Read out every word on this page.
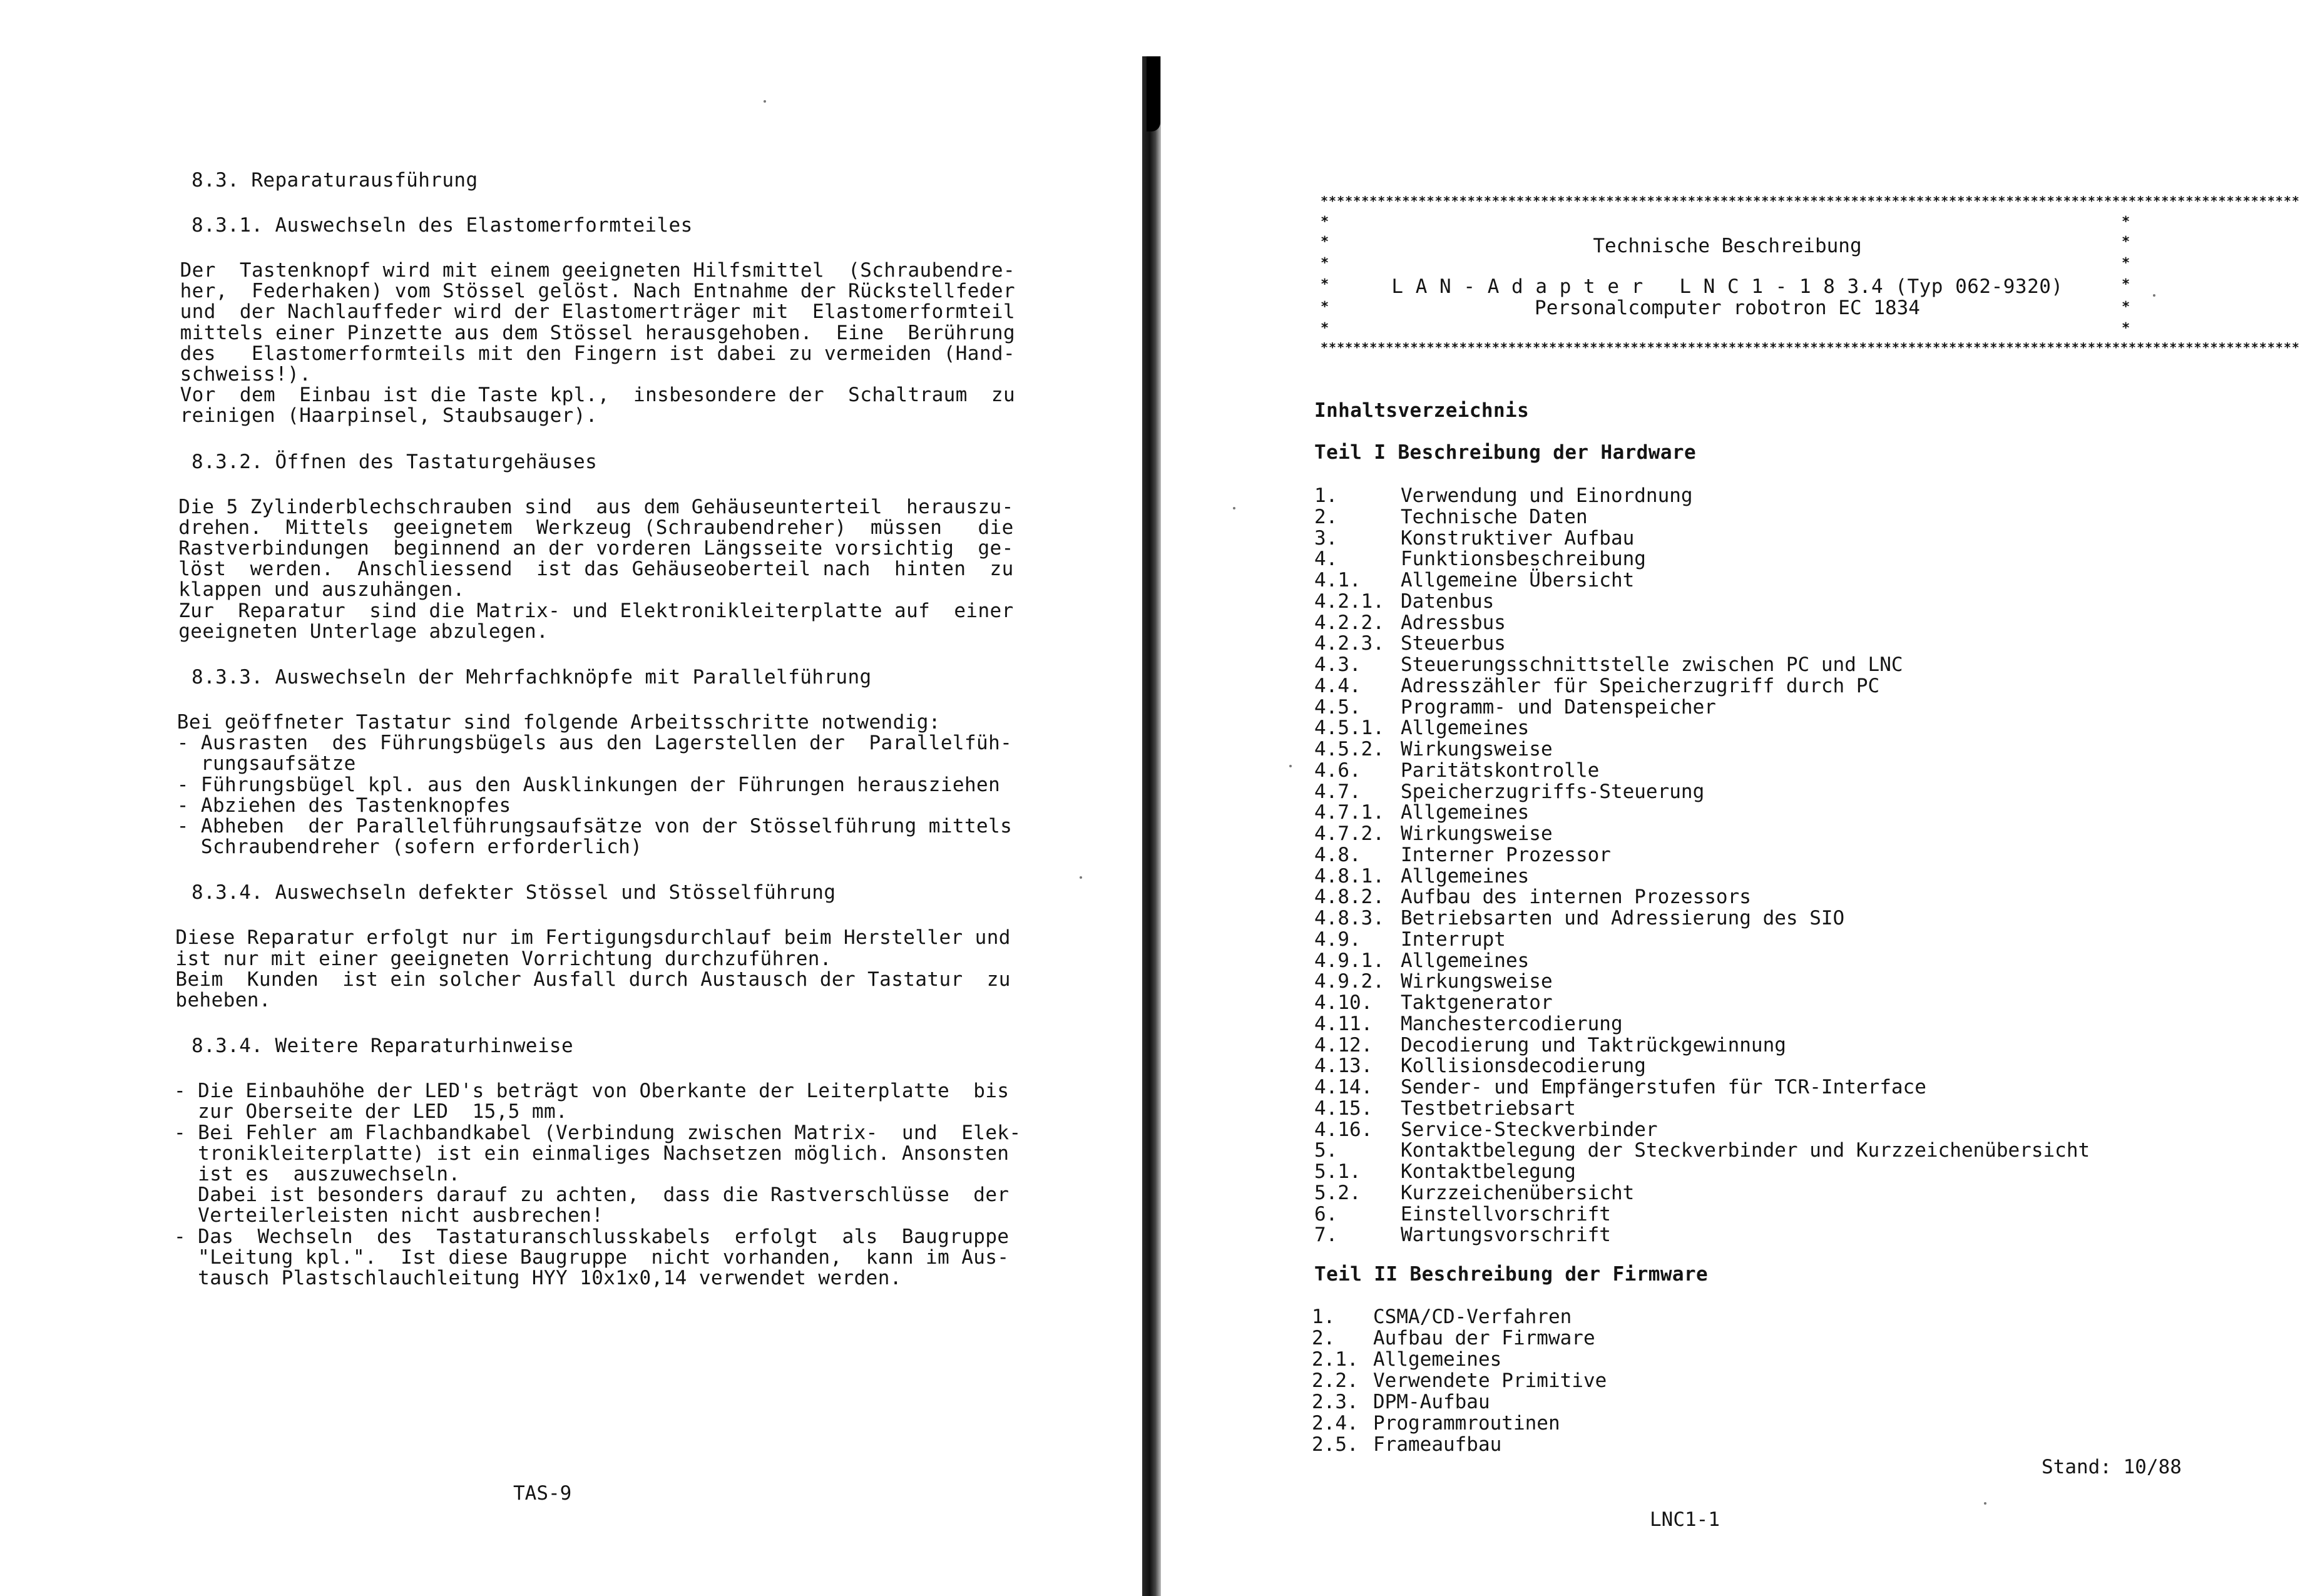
8.3. Reparaturausführung
8.3.1. Auswechseln des Elastomerformteiles
Der  Tastenknopf wird mit einem geeigneten Hilfsmittel  (Schraubendre-
her,  Federhaken) vom Stössel gelöst. Nach Entnahme der Rückstellfeder
und  der Nachlauffeder wird der Elastomerträger mit  Elastomerformteil
mittels einer Pinzette aus dem Stössel herausgehoben.  Eine  Berührung
des   Elastomerformteils mit den Fingern ist dabei zu vermeiden (Hand-
schweiss!).
Vor  dem  Einbau ist die Taste kpl.,  insbesondere der  Schaltraum  zu
reinigen (Haarpinsel, Staubsauger).
8.3.2. Öffnen des Tastaturgehäuses
Die 5 Zylinderblechschrauben sind  aus dem Gehäuseunterteil  herauszu-
drehen.  Mittels  geeignetem  Werkzeug (Schraubendreher)  müssen   die
Rastverbindungen  beginnend an der vorderen Längsseite vorsichtig  ge-
löst  werden.  Anschliessend  ist das Gehäuseoberteil nach  hinten  zu
klappen und auszuhängen.
Zur  Reparatur  sind die Matrix- und Elektronikleiterplatte auf  einer
geeigneten Unterlage abzulegen.
8.3.3. Auswechseln der Mehrfachknöpfe mit Parallelführung
Bei geöffneter Tastatur sind folgende Arbeitsschritte notwendig:
- Ausrasten  des Führungsbügels aus den Lagerstellen der  Parallelfüh-
rungsaufsätze
- Führungsbügel kpl. aus den Ausklinkungen der Führungen herausziehen
- Abziehen des Tastenknopfes
- Abheben  der Parallelführungsaufsätze von der Stösselführung mittels
Schraubendreher (sofern erforderlich)
8.3.4. Auswechseln defekter Stössel und Stösselführung
Diese Reparatur erfolgt nur im Fertigungsdurchlauf beim Hersteller und
ist nur mit einer geeigneten Vorrichtung durchzuführen.
Beim  Kunden  ist ein solcher Ausfall durch Austausch der Tastatur  zu
beheben.
8.3.4. Weitere Reparaturhinweise
- Die Einbauhöhe der LED's beträgt von Oberkante der Leiterplatte  bis
zur Oberseite der LED  15,5 mm.
- Bei Fehler am Flachbandkabel (Verbindung zwischen Matrix-  und  Elek-
tronikleiterplatte) ist ein einmaliges Nachsetzen möglich. Ansonsten
ist es  auszuwechseln.
Dabei ist besonders darauf zu achten,  dass die Rastverschlüsse  der
Verteilerleisten nicht ausbrechen!
- Das  Wechseln  des  Tastaturanschlusskabels  erfolgt  als  Baugruppe
"Leitung kpl.".  Ist diese Baugruppe  nicht vorhanden,  kann im Aus-
tausch Plastschlauchleitung HYY 10x1x0,14 verwendet werden.
TAS-9
************************************************************************************************************************
************************************************************************************************************************
*	*
*	*
*	*
*	*
*	*
*	*
Technische Beschreibung
L A N - A d a p t e r   L N C 1 - 1 8 3.4 (Typ 062-9320)
Personalcomputer robotron EC 1834
Inhaltsverzeichnis
Teil I Beschreibung der Hardware
1.	Verwendung und Einordnung
2.	Technische Daten
3.	Konstruktiver Aufbau
4.	Funktionsbeschreibung
4.1. Allgemeine Übersicht
4.2.1. Datenbus
4.2.2. Adressbus
4.2.3. Steuerbus
4.3. Steuerungsschnittstelle zwischen PC und LNC
4.4. Adresszähler für Speicherzugriff durch PC
4.5. Programm- und Datenspeicher
4.5.1. Allgemeines
4.5.2. Wirkungsweise
4.6. Paritätskontrolle
4.7. Speicherzugriffs-Steuerung
4.7.1. Allgemeines
4.7.2. Wirkungsweise
4.8. Interner Prozessor
4.8.1. Allgemeines
4.8.2. Aufbau des internen Prozessors
4.8.3. Betriebsarten und Adressierung des SIO
4.9. Interrupt
4.9.1. Allgemeines
4.9.2. Wirkungsweise
4.10. Taktgenerator
4.11. Manchestercodierung
4.12. Decodierung und Taktrückgewinnung
4.13. Kollisionsdecodierung
4.14. Sender- und Empfängerstufen für TCR-Interface
4.15. Testbetriebsart
4.16. Service-Steckverbinder
5.	Kontaktbelegung der Steckverbinder und Kurzzeichenübersicht
5.1. Kontaktbelegung
5.2. Kurzzeichenübersicht
6.	Einstellvorschrift
7.	Wartungsvorschrift
Teil II Beschreibung der Firmware
1. CSMA/CD-Verfahren
2. Aufbau der Firmware
2.1. Allgemeines
2.2. Verwendete Primitive
2.3. DPM-Aufbau
2.4. Programmroutinen
2.5. Frameaufbau
Stand: 10/88
LNC1-1
